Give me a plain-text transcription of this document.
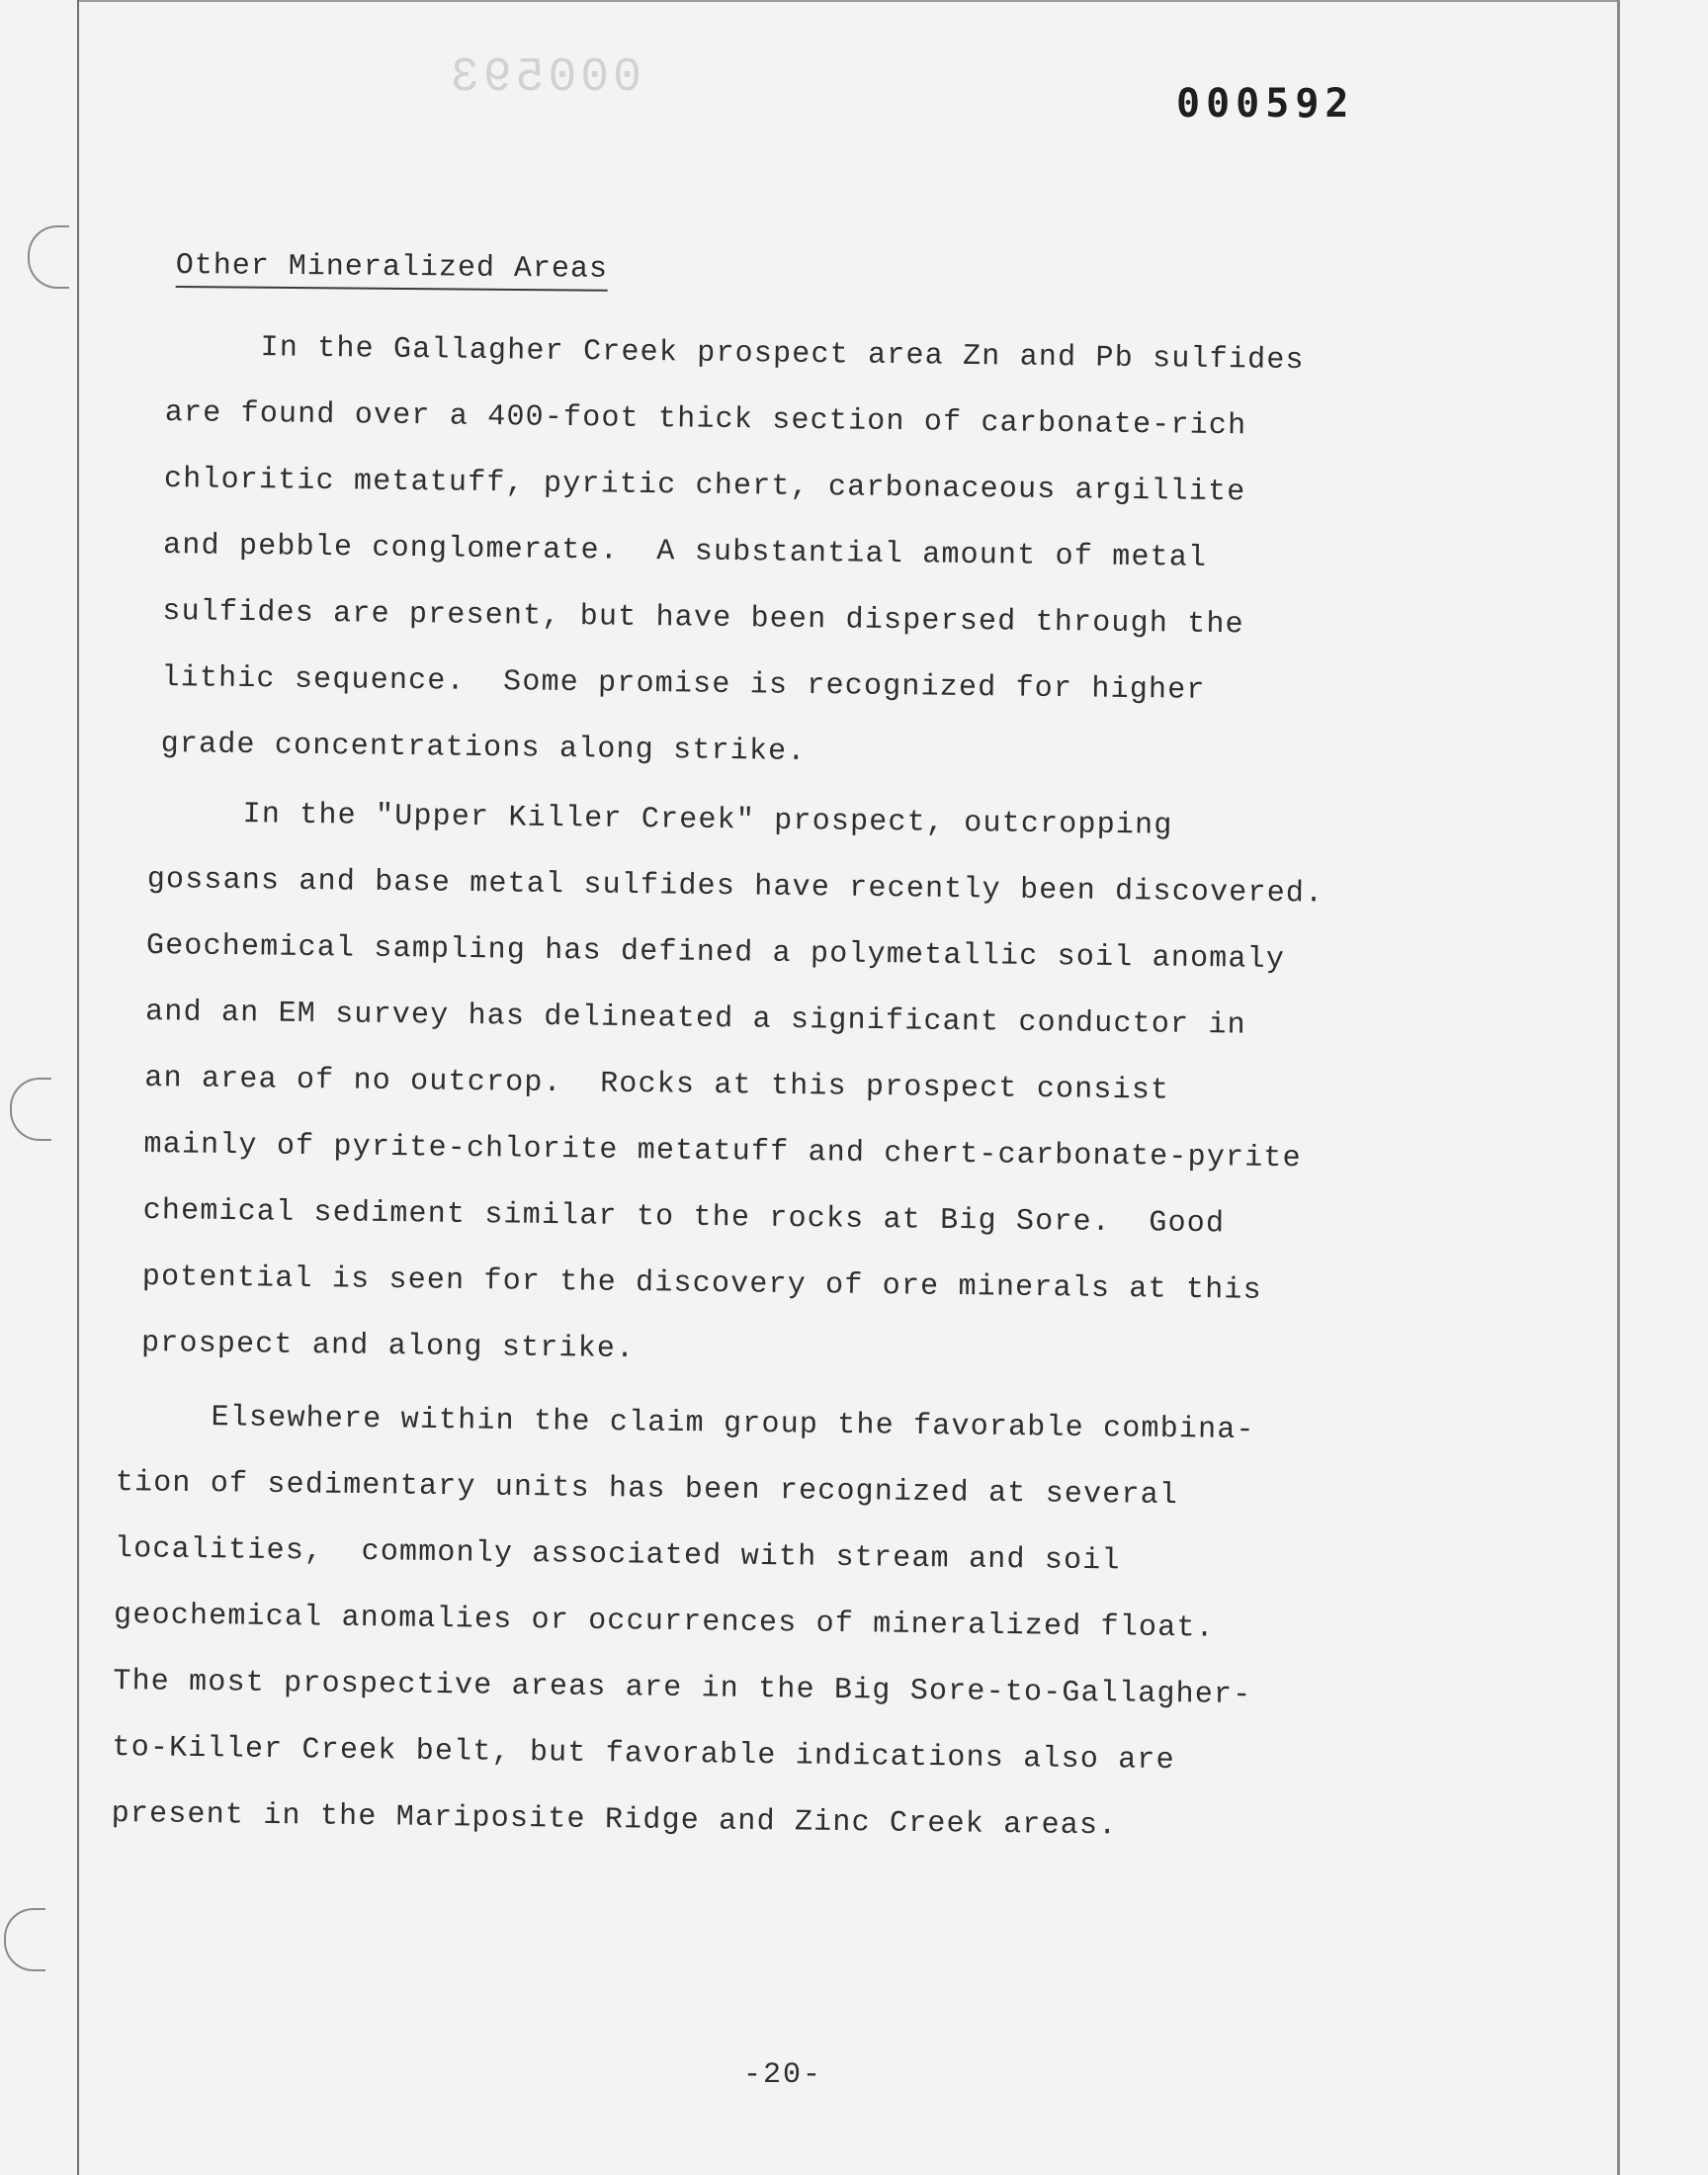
000593	000592
Other Mineralized Areas
In the Gallagher Creek prospect area Zn and Pb sulfides
are found over a 400-foot thick section of carbonate-rich
chloritic metatuff, pyritic chert, carbonaceous argillite
and pebble conglomerate.  A substantial amount of metal
sulfides are present, but have been dispersed through the
lithic sequence.  Some promise is recognized for higher
grade concentrations along strike.
In the "Upper Killer Creek" prospect, outcropping
gossans and base metal sulfides have recently been discovered.
Geochemical sampling has defined a polymetallic soil anomaly
and an EM survey has delineated a significant conductor in
an area of no outcrop.  Rocks at this prospect consist
mainly of pyrite-chlorite metatuff and chert-carbonate-pyrite
chemical sediment similar to the rocks at Big Sore.  Good
potential is seen for the discovery of ore minerals at this
prospect and along strike.
Elsewhere within the claim group the favorable combina-
tion of sedimentary units has been recognized at several
localities,  commonly associated with stream and soil
geochemical anomalies or occurrences of mineralized float.
The most prospective areas are in the Big Sore-to-Gallagher-
to-Killer Creek belt, but favorable indications also are
present in the Mariposite Ridge and Zinc Creek areas.
-20-
